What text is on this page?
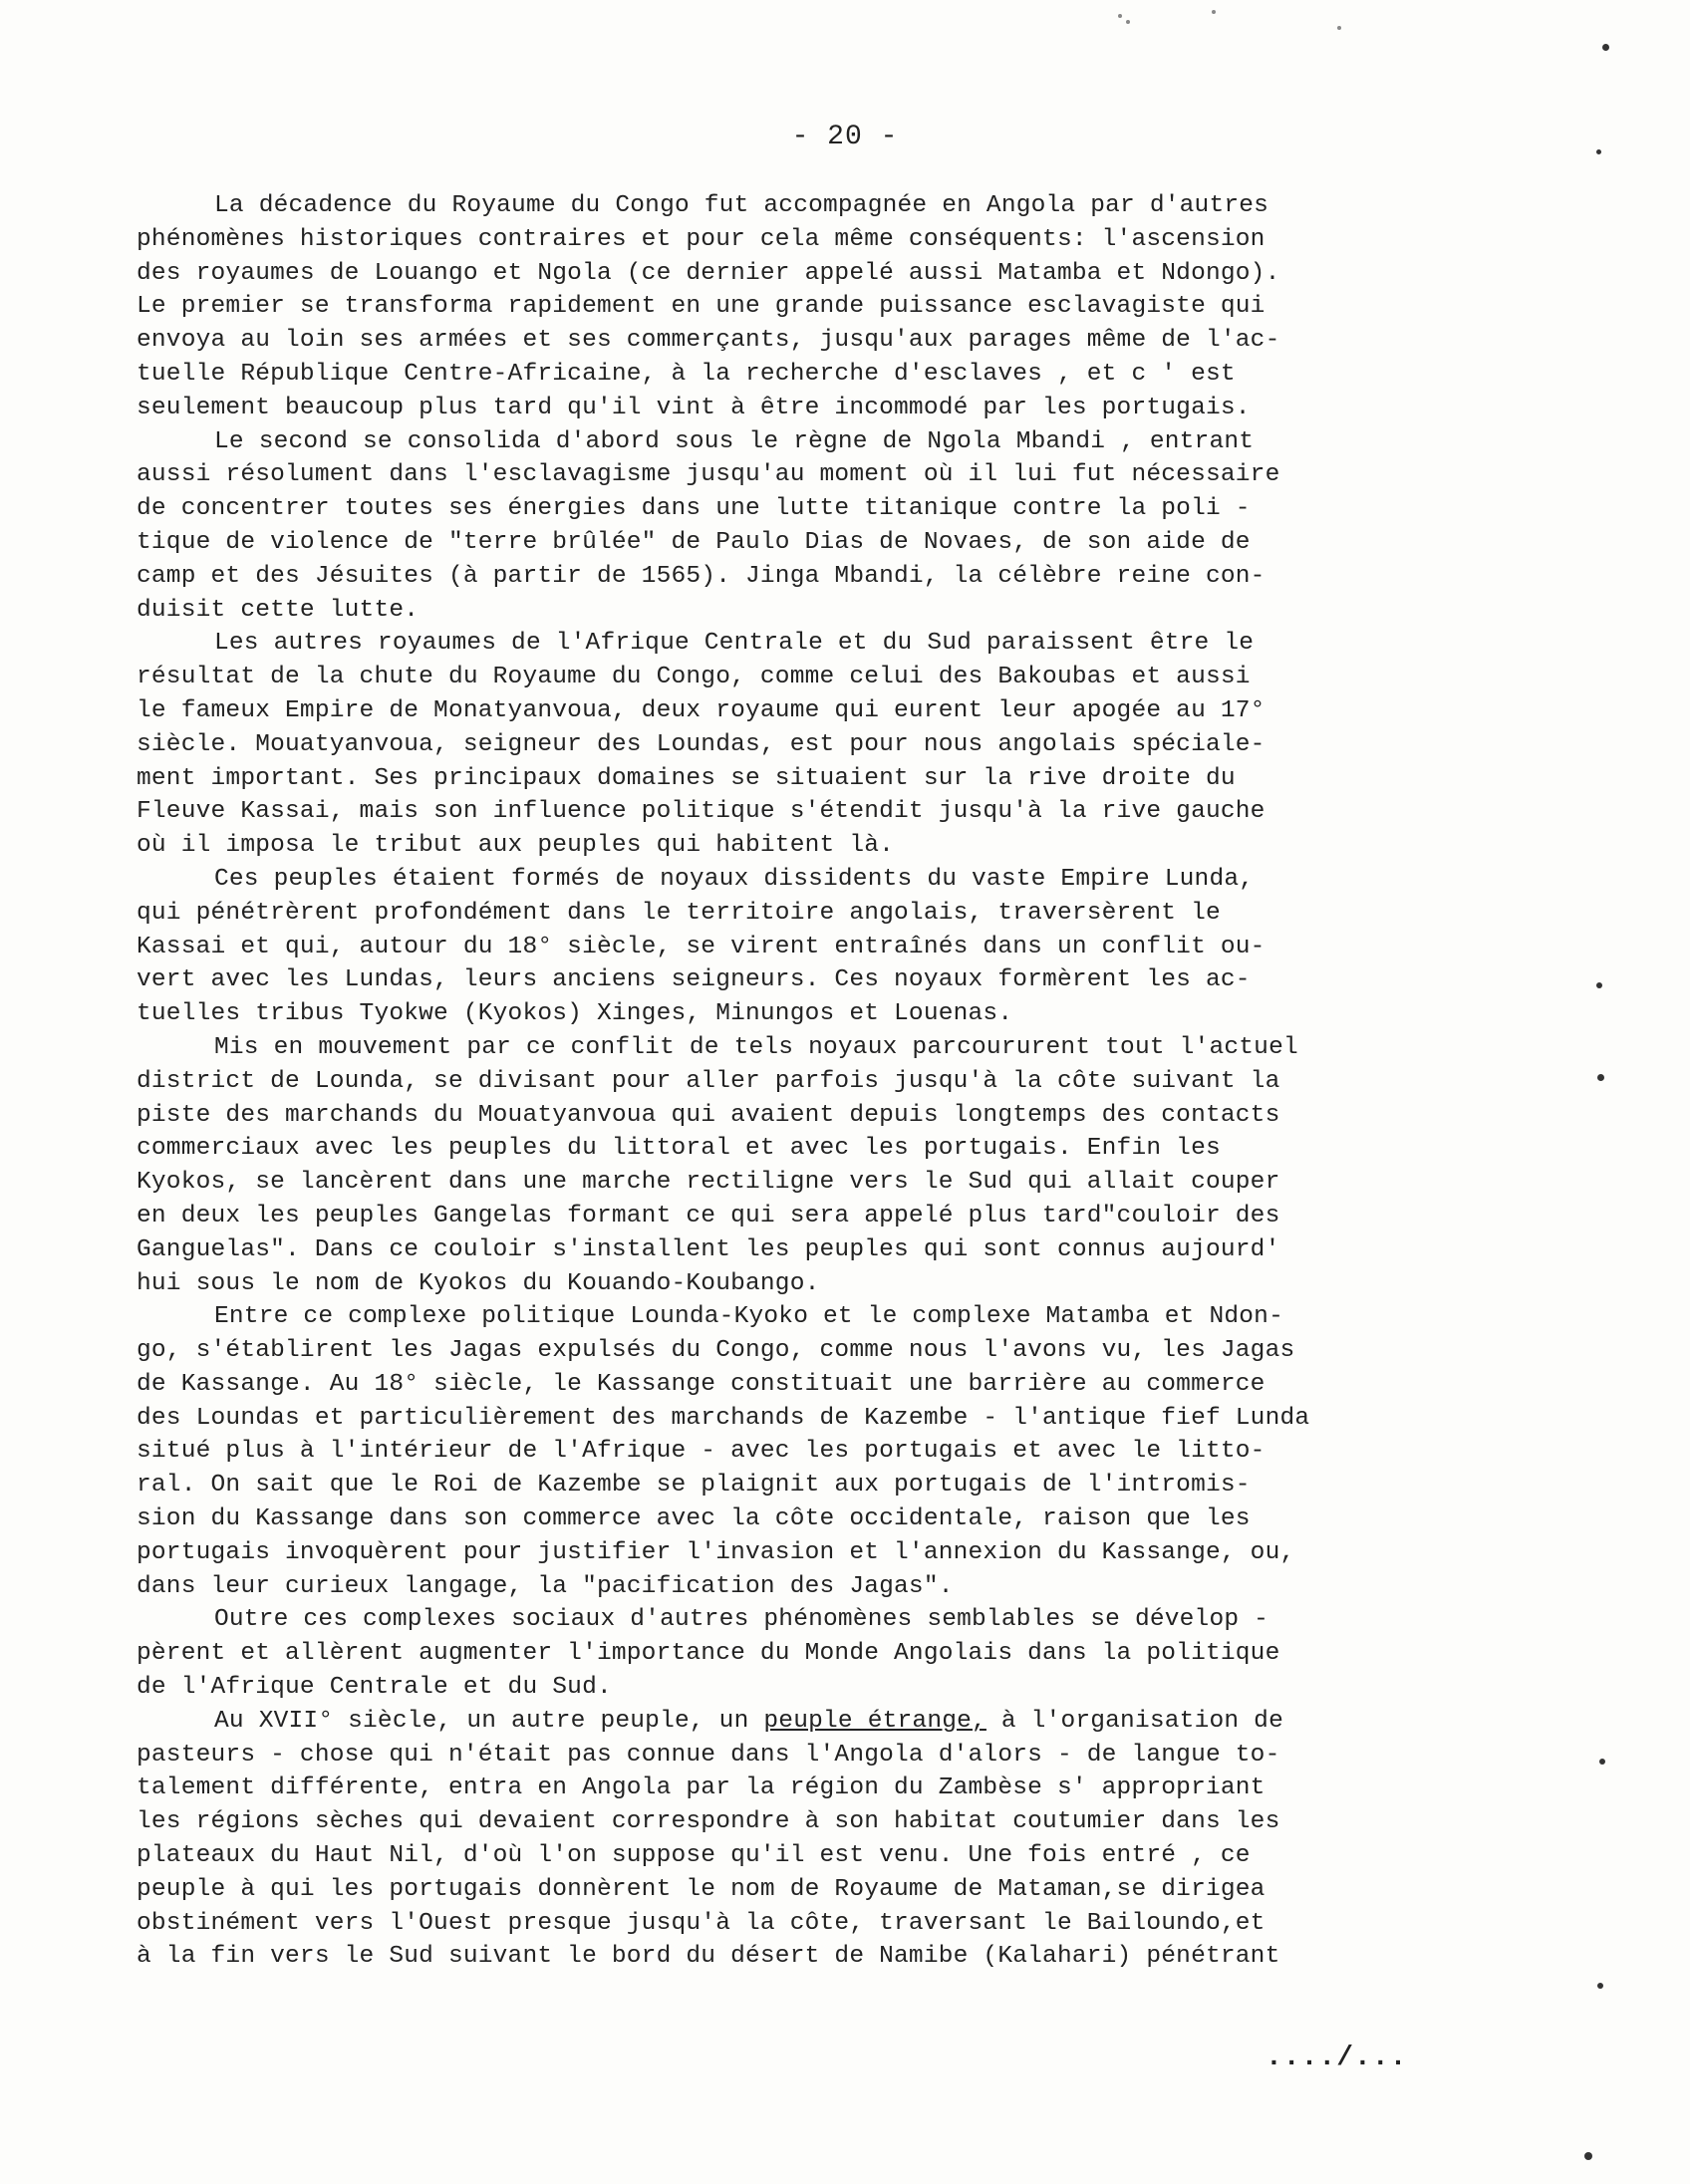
- 20 -

La décadence du Royaume du Congo fut accompagnée en Angola par d'autres
phénomènes historiques contraires et pour cela même conséquents: l'ascension
des royaumes de Louango et Ngola (ce dernier appelé aussi Matamba et Ndongo).
Le premier se transforma rapidement en une grande puissance esclavagiste qui
envoya au loin ses armées et ses commerçants, jusqu'aux parages même de l'ac-
tuelle République Centre-Africaine, à la recherche d'esclaves , et c ' est
seulement beaucoup plus tard qu'il vint à être incommodé par les portugais.

Le second se consolida d'abord sous le règne de Ngola Mbandi , entrant
aussi résolument dans l'esclavagisme jusqu'au moment où il lui fut nécessaire
de concentrer toutes ses énergies dans une lutte titanique contre la poli -
tique de violence de "terre brûlée" de Paulo Dias de Novaes, de son aide de
camp et des Jésuites (à partir de 1565). Jinga Mbandi, la célèbre reine con-
duisit cette lutte.

Les autres royaumes de l'Afrique Centrale et du Sud paraissent être le
résultat de la chute du Royaume du Congo, comme celui des Bakoubas et aussi
le fameux Empire de Monatyanvoua, deux royaume qui eurent leur apogée au 17°
siècle. Mouatyanvoua, seigneur des Loundas, est pour nous angolais spéciale-
ment important. Ses principaux domaines se situaient sur la rive droite du
Fleuve Kassai, mais son influence politique s'étendit jusqu'à la rive gauche
où il imposa le tribut aux peuples qui habitent là.

Ces peuples étaient formés de noyaux dissidents du vaste Empire Lunda,
qui pénétrèrent profondément dans le territoire angolais, traversèrent le
Kassai et qui, autour du 18° siècle, se virent entraînés dans un conflit ou-
vert avec les Lundas, leurs anciens seigneurs. Ces noyaux formèrent les ac-
tuelles tribus Tyokwe (Kyokos) Xinges, Minungos et Louenas.

Mis en mouvement par ce conflit de tels noyaux parcoururent tout l'actuel
district de Lounda, se divisant pour aller parfois jusqu'à la côte suivant la
piste des marchands du Mouatyanvoua qui avaient depuis longtemps des contacts
commerciaux avec les peuples du littoral et avec les portugais. Enfin les
Kyokos, se lancèrent dans une marche rectiligne vers le Sud qui allait couper
en deux les peuples Gangelas formant ce qui sera appelé plus tard"couloir des
Ganguelas". Dans ce couloir s'installent les peuples qui sont connus aujourd'
hui sous le nom de Kyokos du Kouando-Koubango.

Entre ce complexe politique Lounda-Kyoko et le complexe Matamba et Ndon-
go, s'établirent les Jagas expulsés du Congo, comme nous l'avons vu, les Jagas
de Kassange. Au 18° siècle, le Kassange constituait une barrière au commerce
des Loundas et particulièrement des marchands de Kazembe - l'antique fief Lunda
situé plus à l'intérieur de l'Afrique - avec les portugais et avec le litto-
ral. On sait que le Roi de Kazembe se plaignit aux portugais de l'intromis-
sion du Kassange dans son commerce avec la côte occidentale, raison que les
portugais invoquèrent pour justifier l'invasion et l'annexion du Kassange, ou,
dans leur curieux langage, la "pacification des Jagas".

Outre ces complexes sociaux d'autres phénomènes semblables se dévelop -
pèrent et allèrent augmenter l'importance du Monde Angolais dans la politique
de l'Afrique Centrale et du Sud.

Au XVII° siècle, un autre peuple, un peuple étrange, à l'organisation de
pasteurs - chose qui n'était pas connue dans l'Angola d'alors - de langue to-
talement différente, entra en Angola par la région du Zambèse s' appropriant
les régions sèches qui devaient correspondre à son habitat coutumier dans les
plateaux du Haut Nil, d'où l'on suppose qu'il est venu. Une fois entré , ce
peuple à qui les portugais donnèrent le nom de Royaume de Mataman,se dirigea
obstinément vers l'Ouest presque jusqu'à la côte, traversant le Bailoundo,et
à la fin vers le Sud suivant le bord du désert de Namibe (Kalahari) pénétrant

..../...
